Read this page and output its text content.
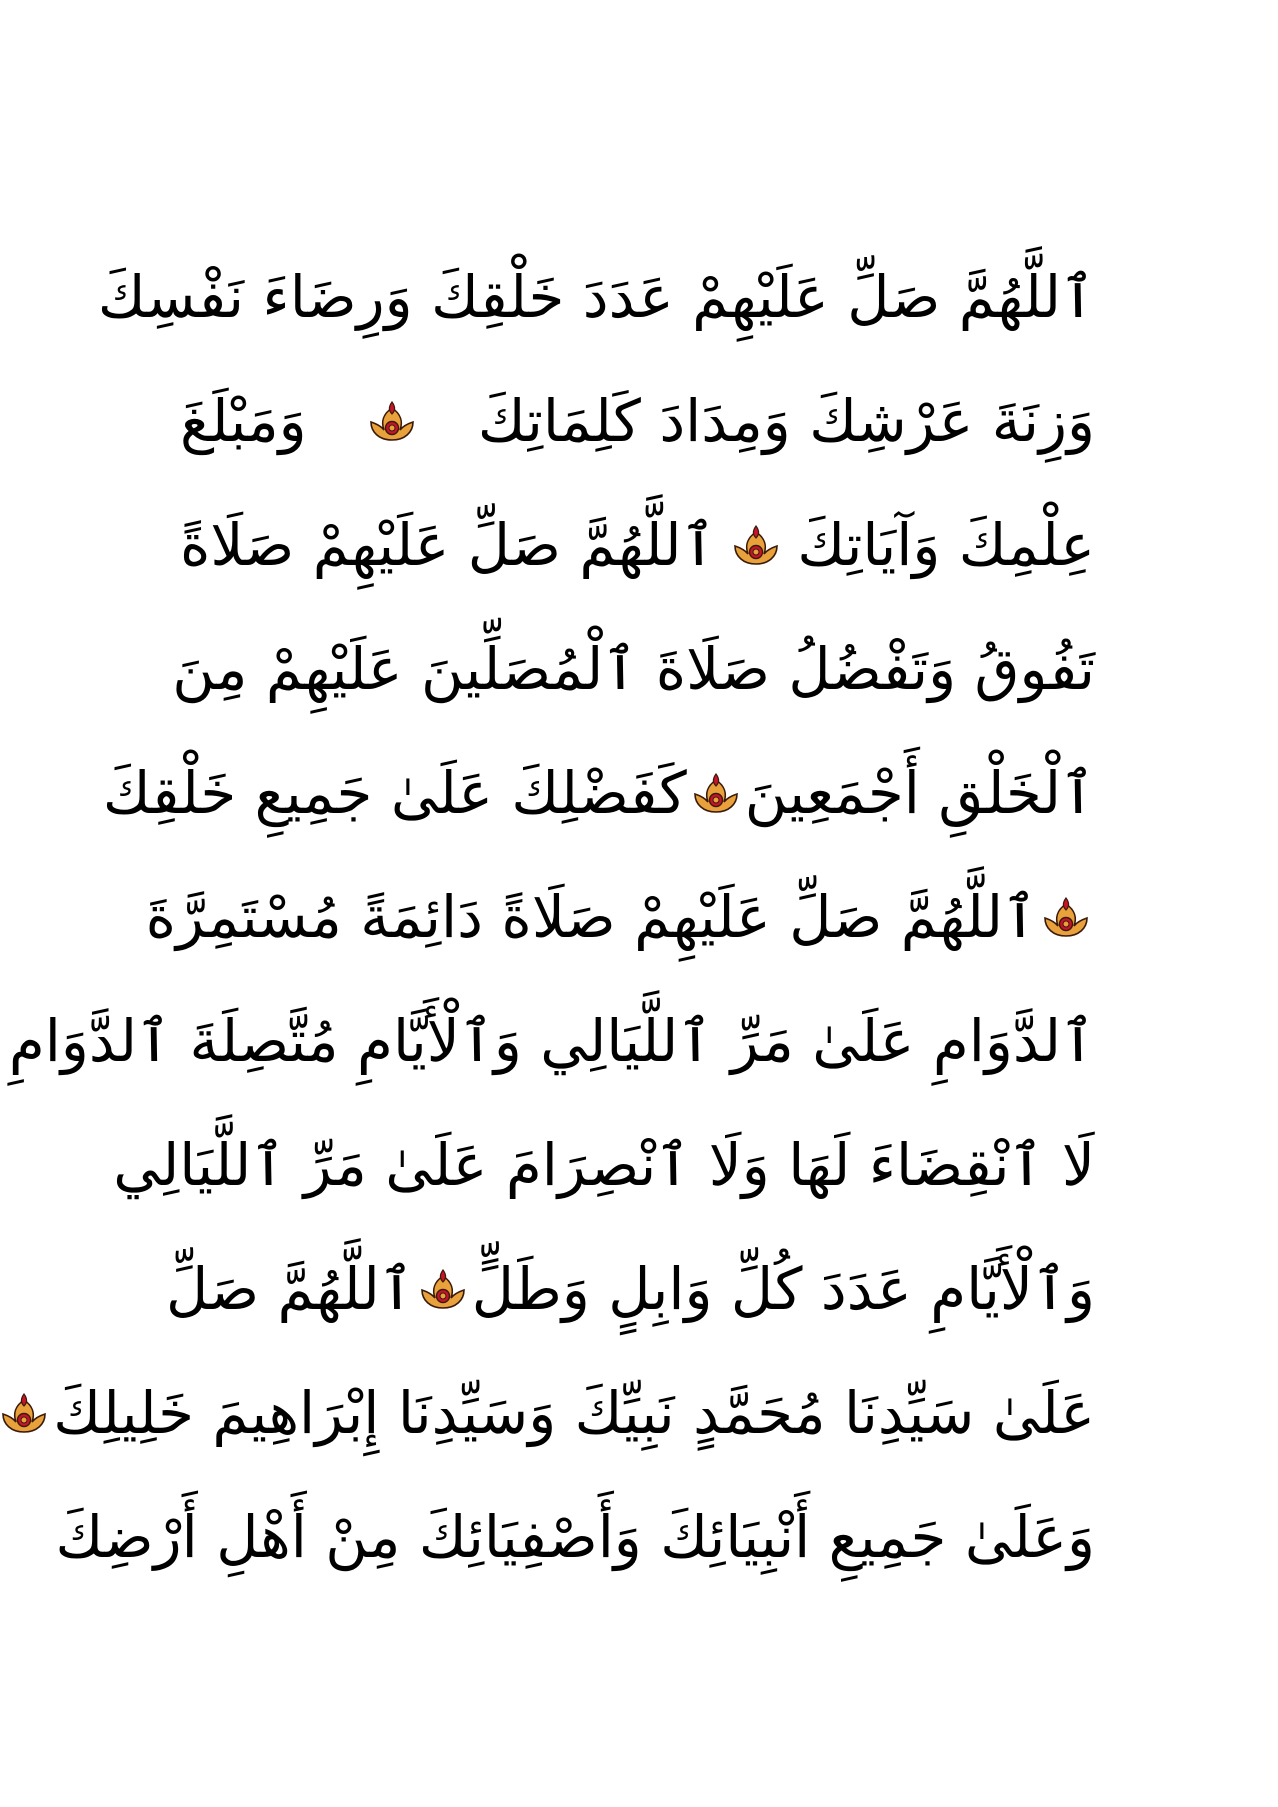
ٱللَّهُمَّ صَلِّ عَلَيْهِمْ عَدَدَ خَلْقِكَ وَرِضَاءَ نَفْسِكَ
وَزِنَةَ عَرْشِكَ وَمِدَادَ كَلِمَاتِكَ
وَمَبْلَغَ
عِلْمِكَ وَآيَاتِكَ
ٱللَّهُمَّ صَلِّ عَلَيْهِمْ صَلَاةً
تَفُوقُ وَتَفْضُلُ صَلَاةَ ٱلْمُصَلِّينَ عَلَيْهِمْ مِنَ
ٱلْخَلْقِ أَجْمَعِينَ
كَفَضْلِكَ عَلَىٰ جَمِيعِ خَلْقِكَ
ٱللَّهُمَّ صَلِّ عَلَيْهِمْ صَلَاةً دَائِمَةً مُسْتَمِرَّةَ
ٱلدَّوَامِ عَلَىٰ مَرِّ ٱللَّيَالِي وَٱلْأَيَّامِ مُتَّصِلَةَ ٱلدَّوَامِ
لَا ٱنْقِضَاءَ لَهَا وَلَا ٱنْصِرَامَ عَلَىٰ مَرِّ ٱللَّيَالِي
وَٱلْأَيَّامِ عَدَدَ كُلِّ وَابِلٍ وَطَلٍّ
ٱللَّهُمَّ صَلِّ
عَلَىٰ سَيِّدِنَا مُحَمَّدٍ نَبِيِّكَ وَسَيِّدِنَا إِبْرَاهِيمَ خَلِيلِكَ
وَعَلَىٰ جَمِيعِ أَنْبِيَائِكَ وَأَصْفِيَائِكَ مِنْ أَهْلِ أَرْضِكَ
